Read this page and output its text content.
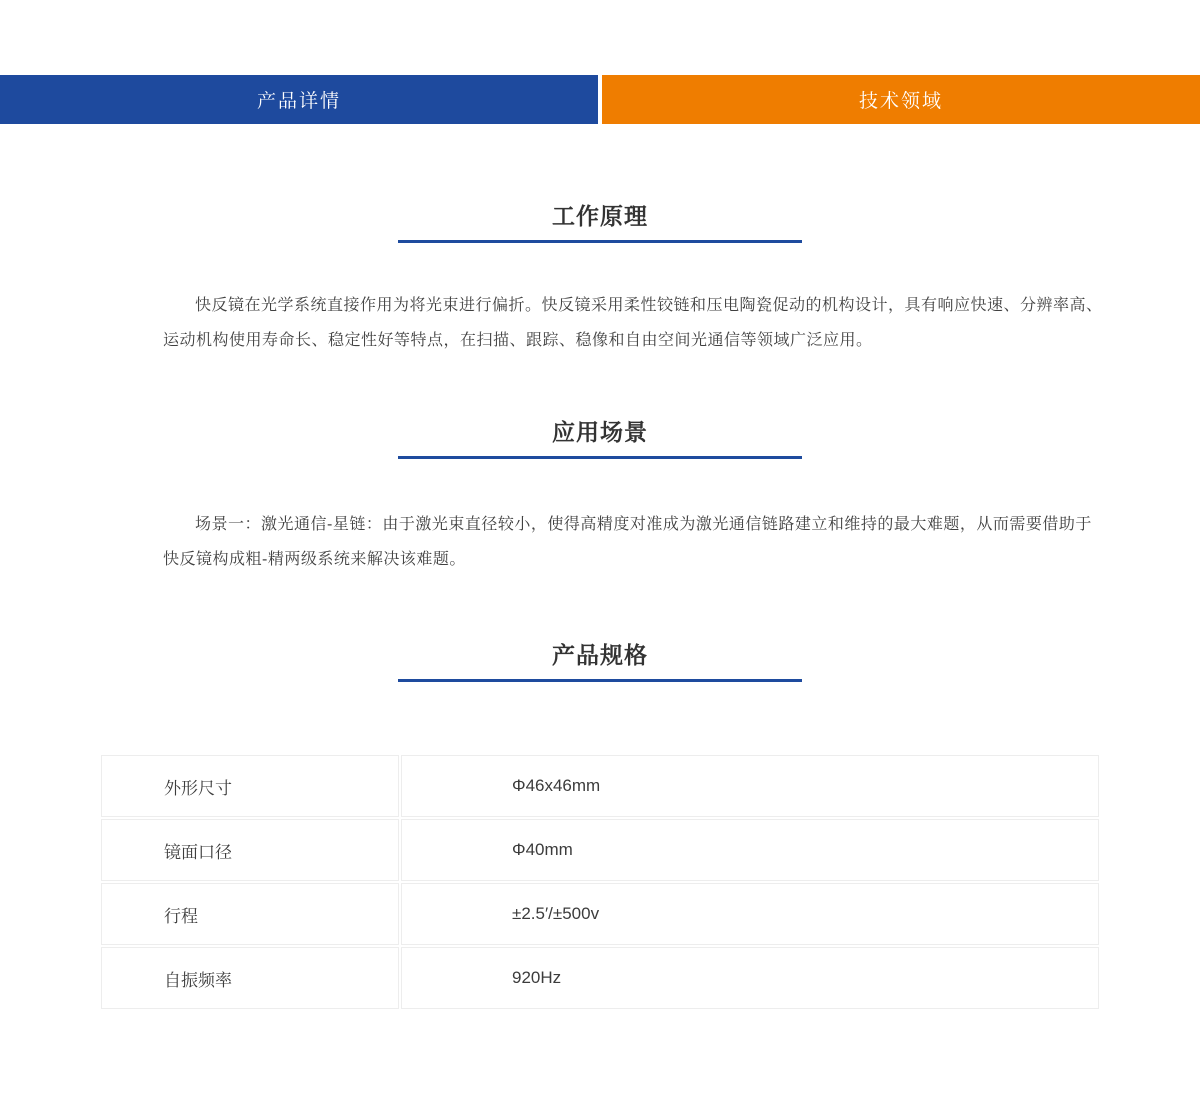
产品详情	技术领域
工作原理

快反镜在光学系统直接作用为将光束进行偏折。快反镜采用柔性铰链和压电陶瓷促动的机构设计，具有响应快速、分辨率高、运动机构使用寿命长、稳定性好等特点，在扫描、跟踪、稳像和自由空间光通信等领域广泛应用。

应用场景

场景一：激光通信-星链：由于激光束直径较小，使得高精度对准成为激光通信链路建立和维持的最大难题，从而需要借助于快反镜构成粗-精两级系统来解决该难题。

产品规格
外形尺寸	Φ46x46mm
镜面口径	Φ40mm
行程	±2.5′/±500v
自振频率	920Hz
